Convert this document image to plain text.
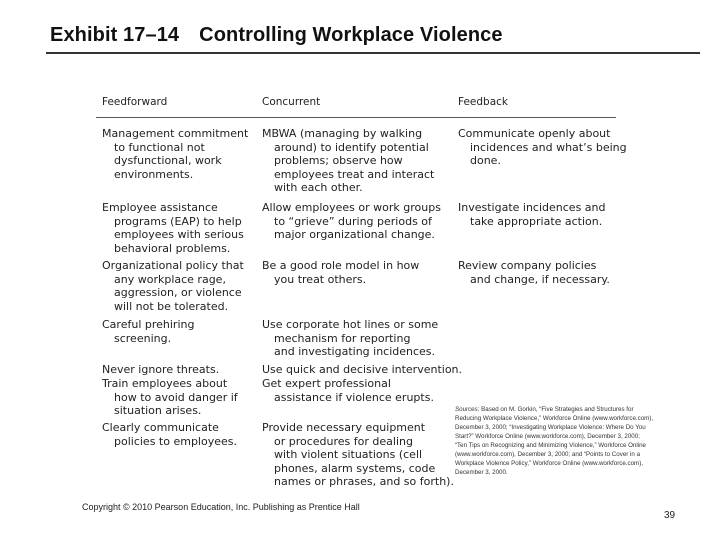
Exhibit 17–14 Controlling Workplace Violence
Feedforward	Concurrent	Feedback
Management commitment
to functional not
dysfunctional, work
environments.
Employee assistance
programs (EAP) to help
employees with serious
behavioral problems.
Organizational policy that
any workplace rage,
aggression, or violence
will not be tolerated.
Careful prehiring
screening.
Never ignore threats.
Train employees about
how to avoid danger if
situation arises.
Clearly communicate
policies to employees.
MBWA (managing by walking
around) to identify potential
problems; observe how
employees treat and interact
with each other.
Allow employees or work groups
to “grieve” during periods of
major organizational change.
Be a good role model in how
you treat others.
Use corporate hot lines or some
mechanism for reporting
and investigating incidences.
Use quick and decisive intervention.
Get expert professional
assistance if violence erupts.
Provide necessary equipment
or procedures for dealing
with violent situations (cell
phones, alarm systems, code
names or phrases, and so forth).
Communicate openly about
incidences and what’s being
done.
Investigate incidences and
take appropriate action.
Review company policies
and change, if necessary.
Sources: Based on M. Gorkin, “Five Strategies and Structures for
Reducing Workplace Violence,” Workforce Online (www.workforce.com),
December 3, 2000; “Investigating Workplace Violence: Where Do You
Start?” Workforce Online (www.workforce.com), December 3, 2000;
“Ten Tips on Recognizing and Minimizing Violence,” Workforce Online
(www.workforce.com), December 3, 2000; and “Points to Cover in a
Workplace Violence Policy,” Workforce Online (www.workforce.com),
December 3, 2000.
Copyright © 2010 Pearson Education, Inc. Publishing as Prentice Hall
39
